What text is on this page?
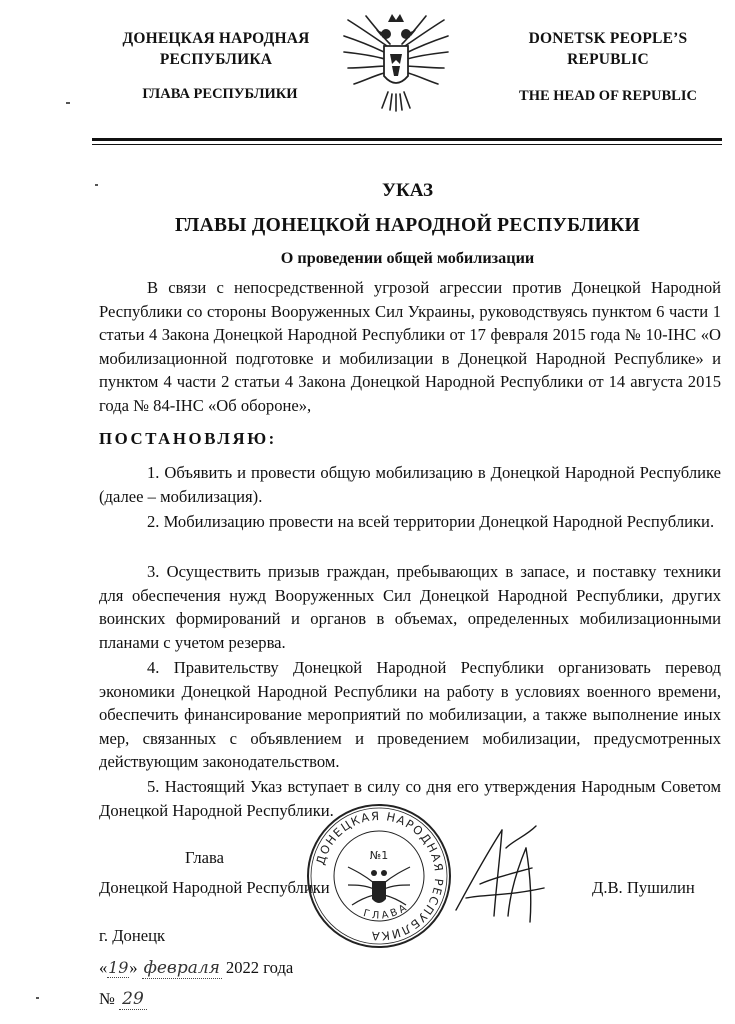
ДОНЕЦКАЯ НАРОДНАЯ
РЕСПУБЛИКА
ГЛАВА РЕСПУБЛИКИ
DONETSK PEOPLE’S
REPUBLIC
THE HEAD OF REPUBLIC
УКАЗ
ГЛАВЫ ДОНЕЦКОЙ НАРОДНОЙ РЕСПУБЛИКИ
О проведении общей мобилизации
В связи с непосредственной угрозой агрессии против Донецкой Народной Республики со стороны Вооруженных Сил Украины, руководствуясь пунктом 6 части 1 статьи 4 Закона Донецкой Народной Республики от 17 февраля 2015 года № 10-IНС «О мобилизационной подготовке и мобилизации в Донецкой Народной Республике» и пунктом 4 части 2 статьи 4 Закона Донецкой Народной Республики от 14 августа 2015 года № 84-IНС «Об обороне»,
ПОСТАНОВЛЯЮ:
1. Объявить и провести общую мобилизацию в Донецкой Народной Республике (далее – мобилизация).
2. Мобилизацию провести на всей территории Донецкой Народной Республики.
3. Осуществить призыв граждан, пребывающих в запасе, и поставку техники для обеспечения нужд Вооруженных Сил Донецкой Народной Республики, других воинских формирований и органов в объемах, определенных мобилизационными планами с учетом резерва.
4. Правительству Донецкой Народной Республики организовать перевод экономики Донецкой Народной Республики на работу в условиях военного времени, обеспечить финансирование мероприятий по мобилизации, а также выполнение иных мер, связанных с объявлением и проведением мобилизации, предусмотренных действующим законодательством.
5. Настоящий Указ вступает в силу со дня его утверждения Народным Советом Донецкой Народной Республики.
Глава
Донецкой Народной Республики	Д.В. Пушилин
ДОНЕЦКАЯ НАРОДНАЯ РЕСПУБЛИКА
ГЛАВА
№1
г. Донецк
«19» февраля 2022 года
№ 29
